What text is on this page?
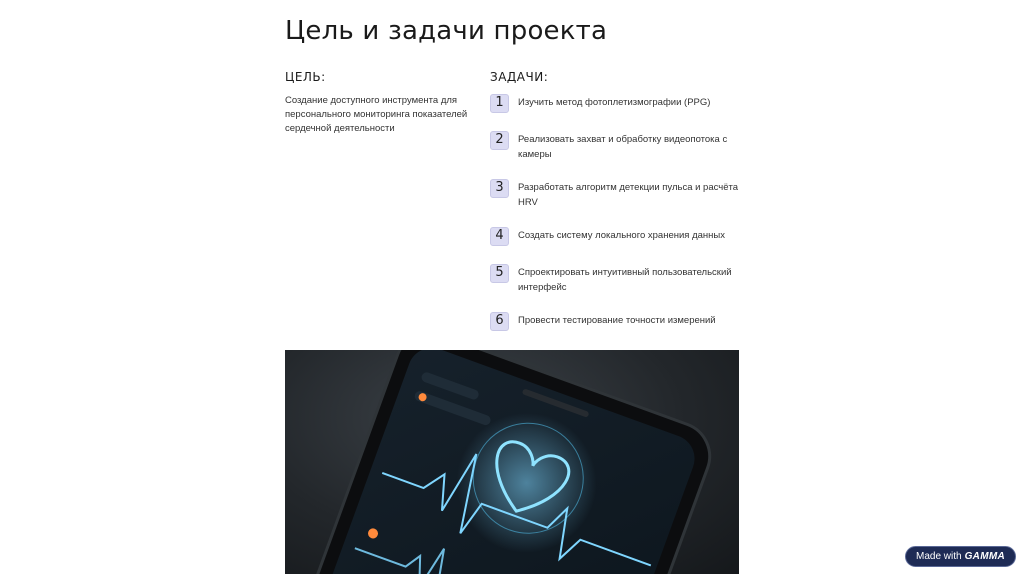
Цель и задачи проекта
ЦЕЛЬ:
Создание доступного инструмента для персонального мониторинга показателей сердечной деятельности
ЗАДАЧИ:
1	Изучить метод фотоплетизмографии (PPG)
2	Реализовать захват и обработку видеопотока с камеры
3	Разработать алгоритм детекции пульса и расчёта HRV
4	Создать систему локального хранения данных
5	Спроектировать интуитивный пользовательский интерфейс
6	Провести тестирование точности измерений
Made with GAMMA
